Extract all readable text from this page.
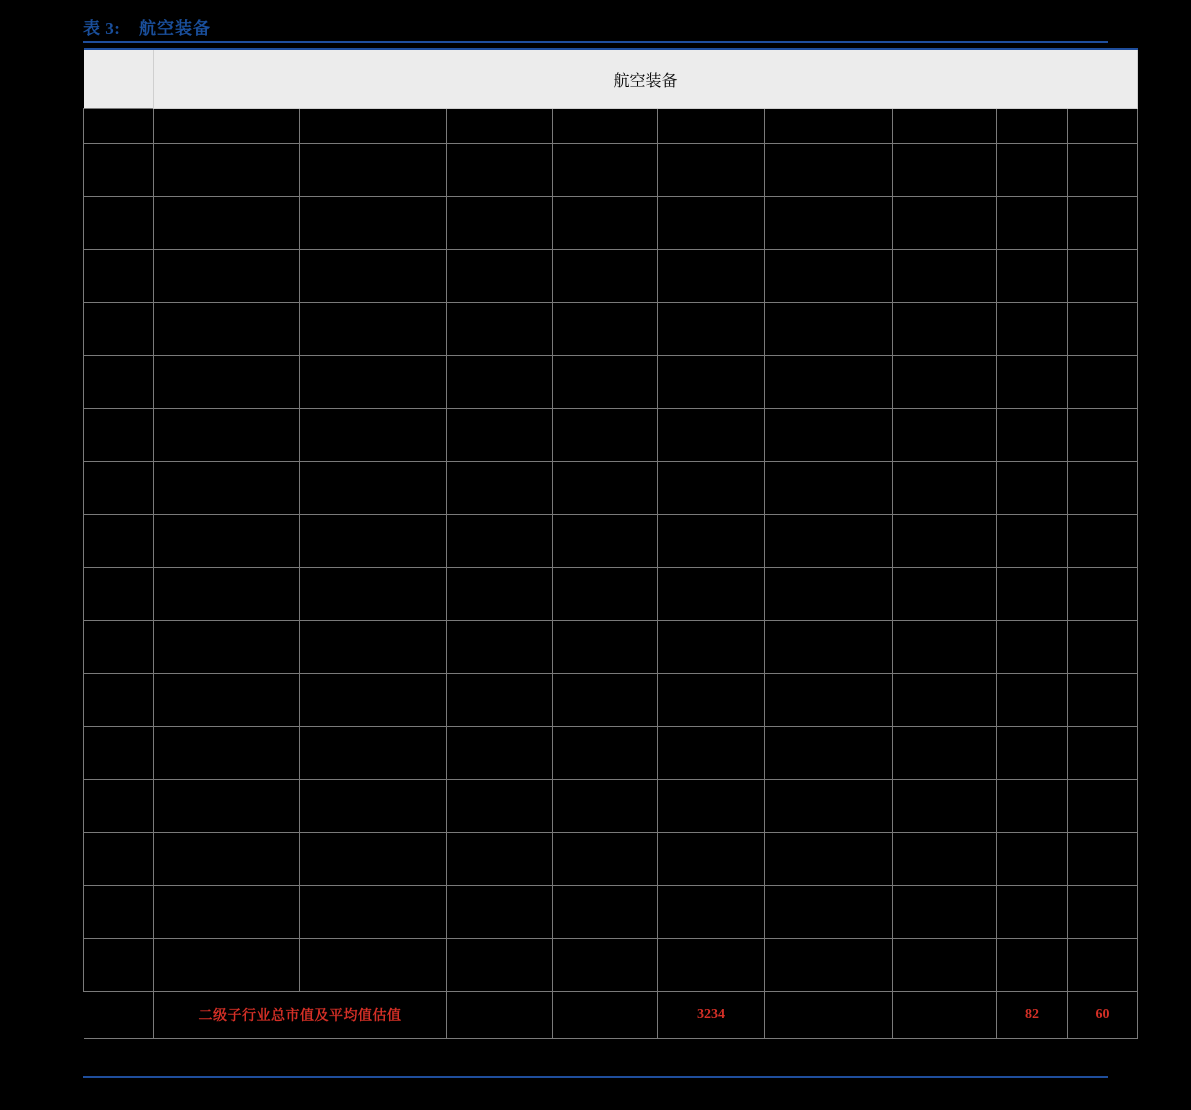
表 3: 航空装备
	航空装备								
	代码	名称	收盘价	总股本	总市值	归母净利润	EPS	PE	PB

	二级子行业总市值及平均值估值				3234			82	60
